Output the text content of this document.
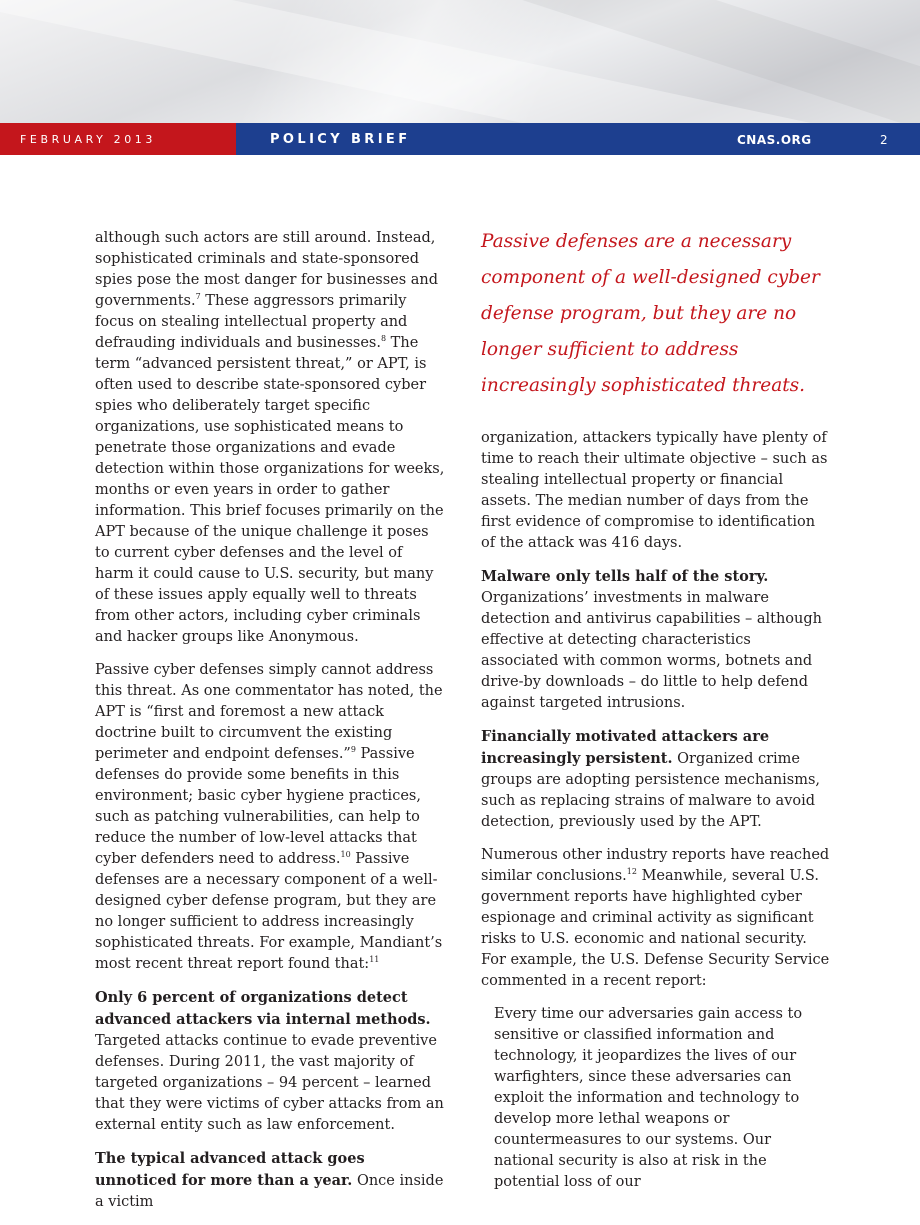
FEBRUARY 2013	POLICY BRIEF	CNAS.ORG	2

although such actors are still around. Instead, sophisticated criminals and state-sponsored spies pose the most danger for businesses and governments.$^7$ These aggressors primarily focus on stealing intellectual property and defrauding individuals and businesses.$^8$ The term “advanced persistent threat,” or APT, is often used to describe state-sponsored cyber spies who deliberately target specific organizations, use sophisticated means to penetrate those organizations and evade detection within those organizations for weeks, months or even years in order to gather information. This brief focuses primarily on the APT because of the unique challenge it poses to current cyber defenses and the level of harm it could cause to U.S. security, but many of these issues apply equally well to threats from other actors, including cyber criminals and hacker groups like Anonymous.

Passive cyber defenses simply cannot address this threat. As one commentator has noted, the APT is “first and foremost a new attack doctrine built to circumvent the existing perimeter and endpoint defenses.”$^9$ Passive defenses do provide some benefits in this environment; basic cyber hygiene practices, such as patching vulnerabilities, can help to reduce the number of low-level attacks that cyber defenders need to address.$^{10}$ Passive defenses are a necessary component of a well-designed cyber defense program, but they are no longer sufficient to address increasingly sophisticated threats. For example, Mandiant’s most recent threat report found that:$^{11}$

Only 6 percent of organizations detect advanced attackers via internal methods. Targeted attacks continue to evade preventive defenses. During 2011, the vast majority of targeted organizations – 94 percent – learned that they were victims of cyber attacks from an external entity such as law enforcement.

The typical advanced attack goes unnoticed for more than a year. Once inside a victim

Passive defenses are a necessary component of a well-designed cyber defense program, but they are no longer sufficient to address increasingly sophisticated threats.

organization, attackers typically have plenty of time to reach their ultimate objective – such as stealing intellectual property or financial assets. The median number of days from the first evidence of compromise to identification of the attack was 416 days.

Malware only tells half of the story. Organizations’ investments in malware detection and antivirus capabilities – although effective at detecting characteristics associated with common worms, botnets and drive-by downloads – do little to help defend against targeted intrusions.

Financially motivated attackers are increasingly persistent. Organized crime groups are adopting persistence mechanisms, such as replacing strains of malware to avoid detection, previously used by the APT.

Numerous other industry reports have reached similar conclusions.$^{12}$ Meanwhile, several U.S. government reports have highlighted cyber espionage and criminal activity as significant risks to U.S. economic and national security. For example, the U.S. Defense Security Service commented in a recent report:

Every time our adversaries gain access to sensitive or classified information and technology, it jeopardizes the lives of our warfighters, since these adversaries can exploit the information and technology to develop more lethal weapons or countermeasures to our systems. Our national security is also at risk in the potential loss of our
